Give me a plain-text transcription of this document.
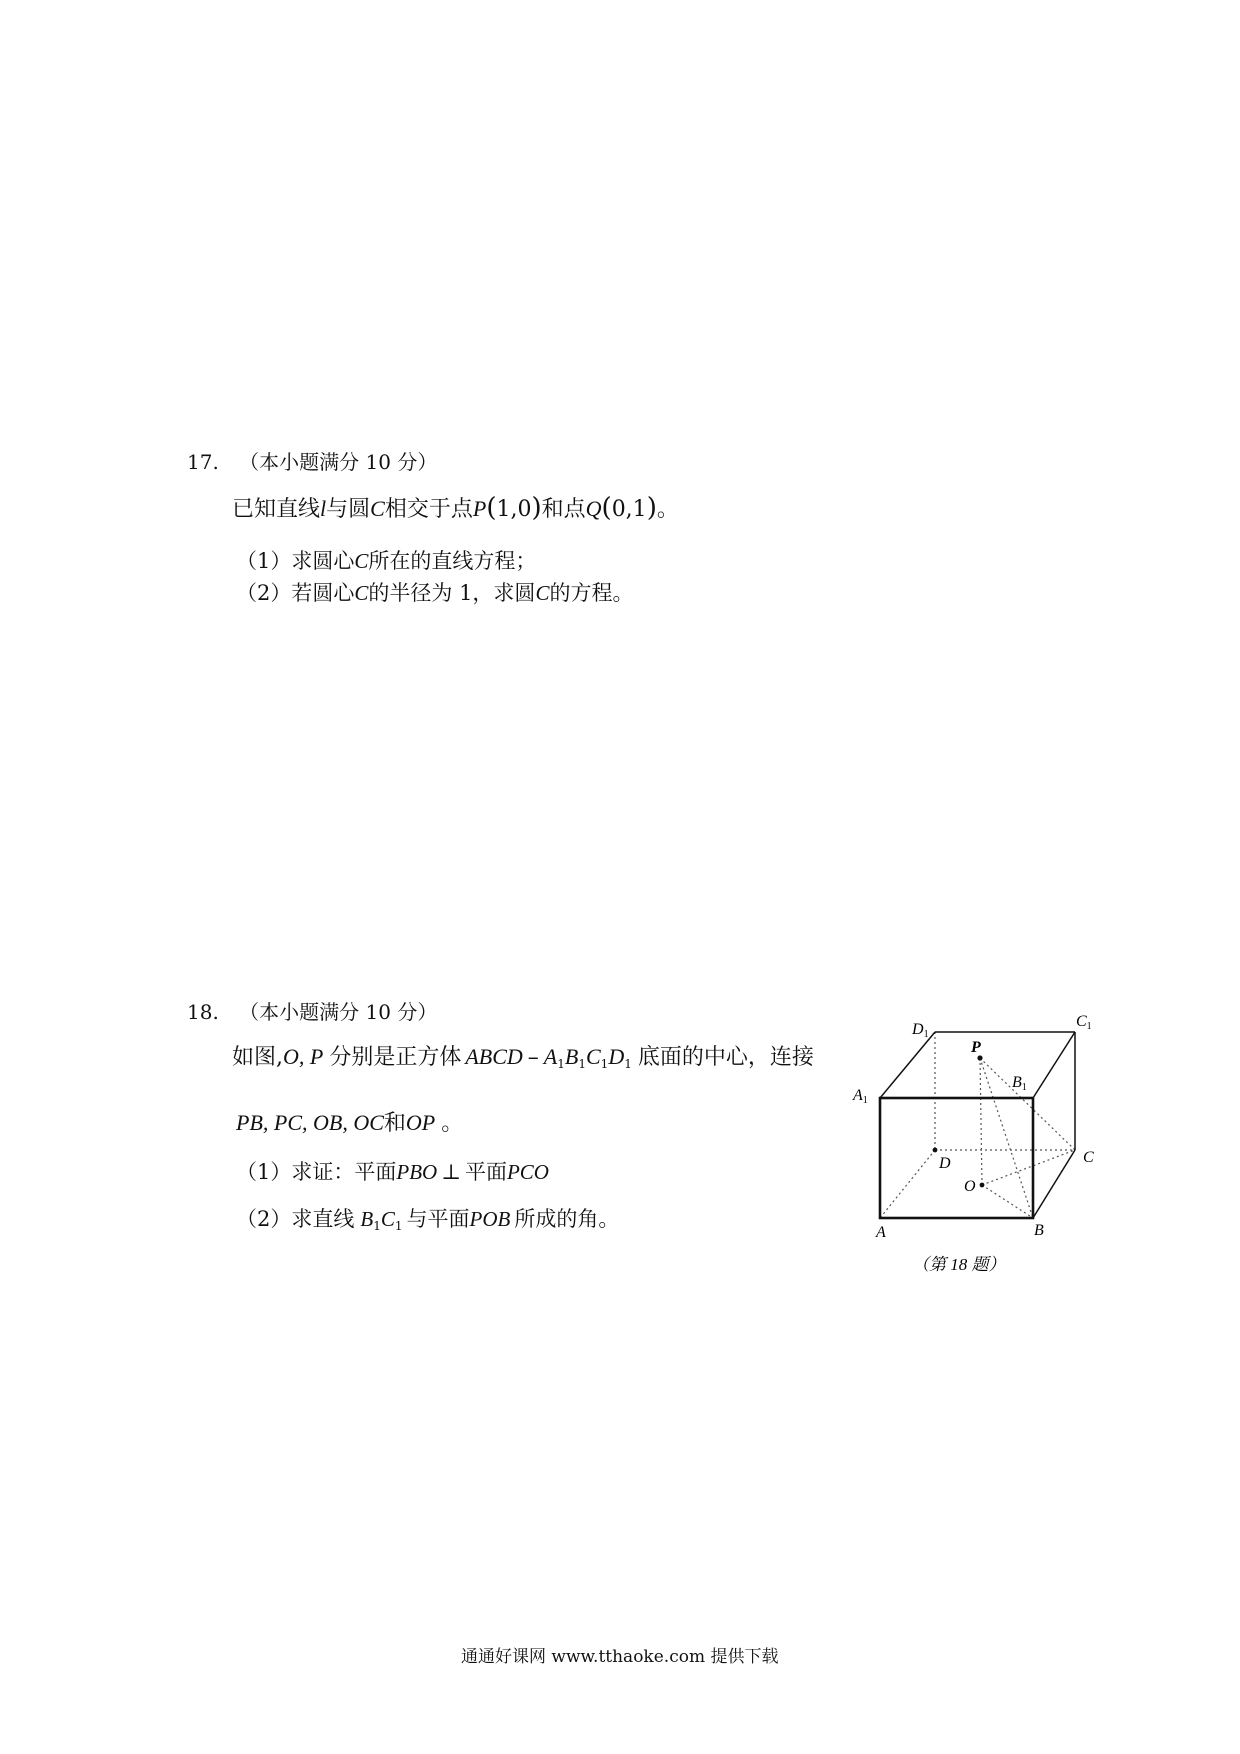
17. （本小题满分 10 分）
已知直线l与圆C相交于点P(1,0)和点Q(0,1)。
（1）求圆心C所在的直线方程；
（2）若圆心C的半径为 1，求圆C的方程。
18. （本小题满分 10 分）
如图,O, P 分别是正方体 ABCD – A1B1C1D1 底面的中心，连接
PB, PC, OB, OC和OP 。
（1）求证：平面PBO ⊥ 平面PCO
（2）求直线 B1C1 与平面POB 所成的角。
D1
C1
A1
B1
P
D	C
O
A	B
（第 18 题）
通通好课网 www.tthaoke.com 提供下载
